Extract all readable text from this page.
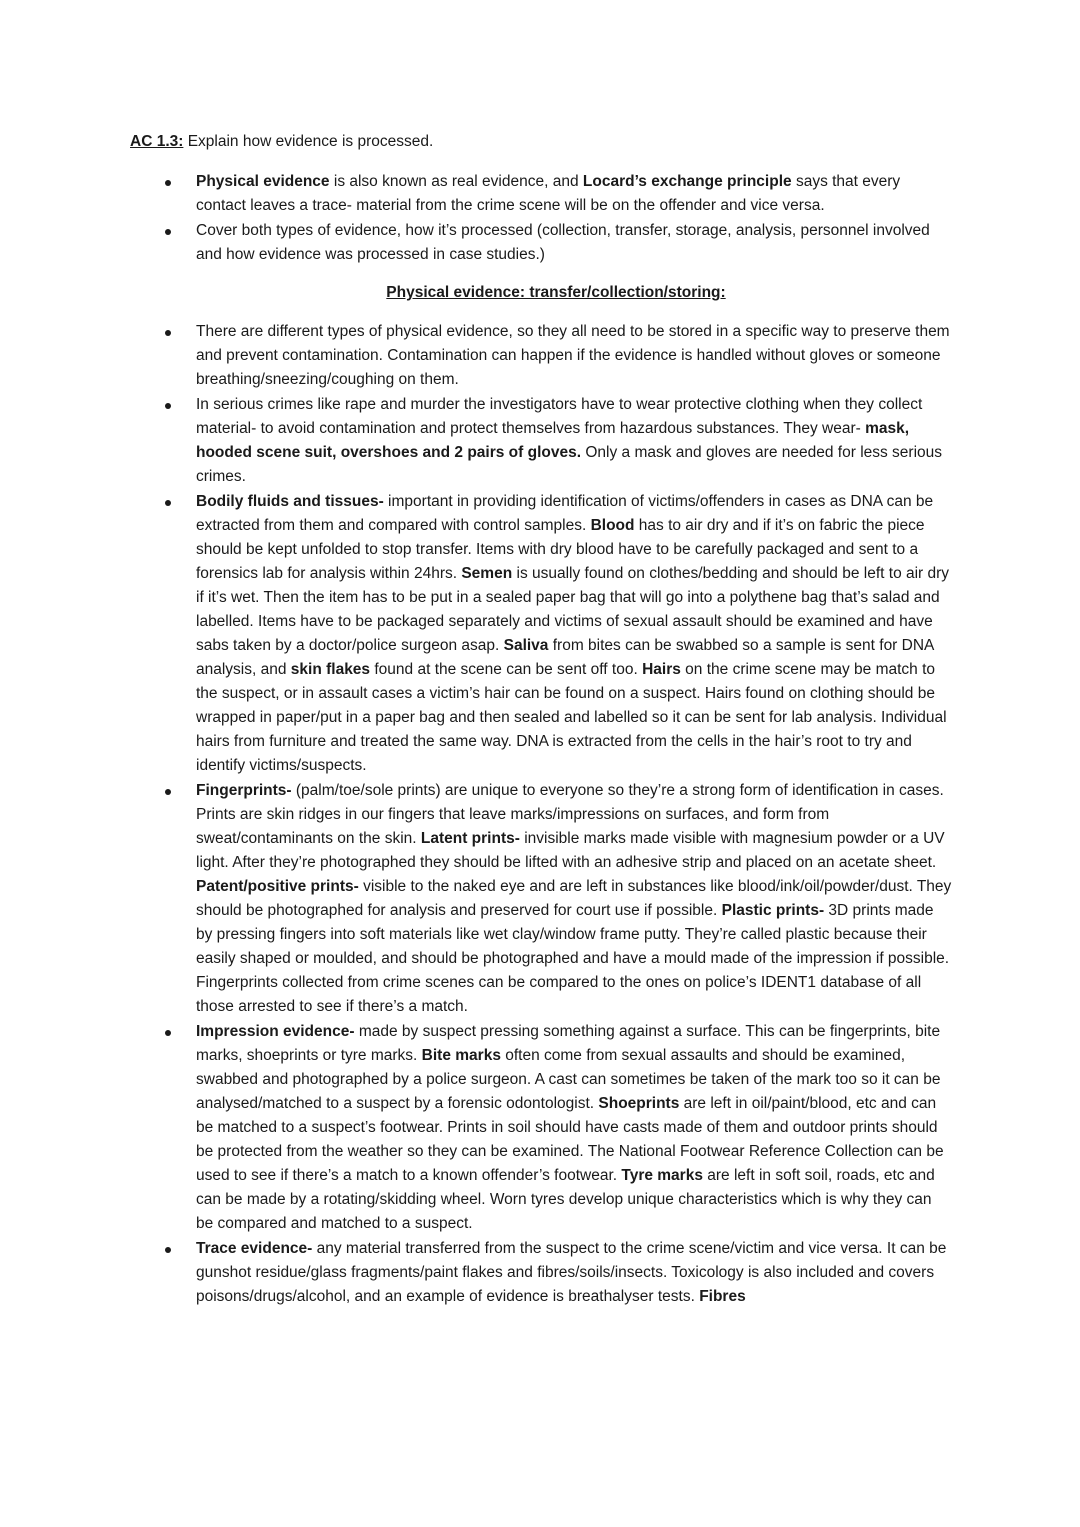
AC 1.3: Explain how evidence is processed.
Physical evidence is also known as real evidence, and Locard’s exchange principle says that every contact leaves a trace- material from the crime scene will be on the offender and vice versa.
Cover both types of evidence, how it’s processed (collection, transfer, storage, analysis, personnel involved and how evidence was processed in case studies.)
Physical evidence: transfer/collection/storing:
There are different types of physical evidence, so they all need to be stored in a specific way to preserve them and prevent contamination. Contamination can happen if the evidence is handled without gloves or someone breathing/sneezing/coughing on them.
In serious crimes like rape and murder the investigators have to wear protective clothing when they collect material- to avoid contamination and protect themselves from hazardous substances. They wear- mask, hooded scene suit, overshoes and 2 pairs of gloves. Only a mask and gloves are needed for less serious crimes.
Bodily fluids and tissues- important in providing identification of victims/offenders in cases as DNA can be extracted from them and compared with control samples. Blood has to air dry and if it’s on fabric the piece should be kept unfolded to stop transfer. Items with dry blood have to be carefully packaged and sent to a forensics lab for analysis within 24hrs. Semen is usually found on clothes/bedding and should be left to air dry if it’s wet. Then the item has to be put in a sealed paper bag that will go into a polythene bag that’s salad and labelled. Items have to be packaged separately and victims of sexual assault should be examined and have sabs taken by a doctor/police surgeon asap. Saliva from bites can be swabbed so a sample is sent for DNA analysis, and skin flakes found at the scene can be sent off too. Hairs on the crime scene may be match to the suspect, or in assault cases a victim’s hair can be found on a suspect. Hairs found on clothing should be wrapped in paper/put in a paper bag and then sealed and labelled so it can be sent for lab analysis. Individual hairs from furniture and treated the same way. DNA is extracted from the cells in the hair’s root to try and identify victims/suspects.
Fingerprints- (palm/toe/sole prints) are unique to everyone so they’re a strong form of identification in cases. Prints are skin ridges in our fingers that leave marks/impressions on surfaces, and form from sweat/contaminants on the skin. Latent prints- invisible marks made visible with magnesium powder or a UV light. After they’re photographed they should be lifted with an adhesive strip and placed on an acetate sheet. Patent/positive prints- visible to the naked eye and are left in substances like blood/ink/oil/powder/dust. They should be photographed for analysis and preserved for court use if possible. Plastic prints- 3D prints made by pressing fingers into soft materials like wet clay/window frame putty. They’re called plastic because their easily shaped or moulded, and should be photographed and have a mould made of the impression if possible. Fingerprints collected from crime scenes can be compared to the ones on police’s IDENT1 database of all those arrested to see if there’s a match.
Impression evidence- made by suspect pressing something against a surface. This can be fingerprints, bite marks, shoeprints or tyre marks. Bite marks often come from sexual assaults and should be examined, swabbed and photographed by a police surgeon. A cast can sometimes be taken of the mark too so it can be analysed/matched to a suspect by a forensic odontologist. Shoeprints are left in oil/paint/blood, etc and can be matched to a suspect’s footwear. Prints in soil should have casts made of them and outdoor prints should be protected from the weather so they can be examined. The National Footwear Reference Collection can be used to see if there’s a match to a known offender’s footwear. Tyre marks are left in soft soil, roads, etc and can be made by a rotating/skidding wheel. Worn tyres develop unique characteristics which is why they can be compared and matched to a suspect.
Trace evidence- any material transferred from the suspect to the crime scene/victim and vice versa. It can be gunshot residue/glass fragments/paint flakes and fibres/soils/insects. Toxicology is also included and covers poisons/drugs/alcohol, and an example of evidence is breathalyser tests. Fibres
